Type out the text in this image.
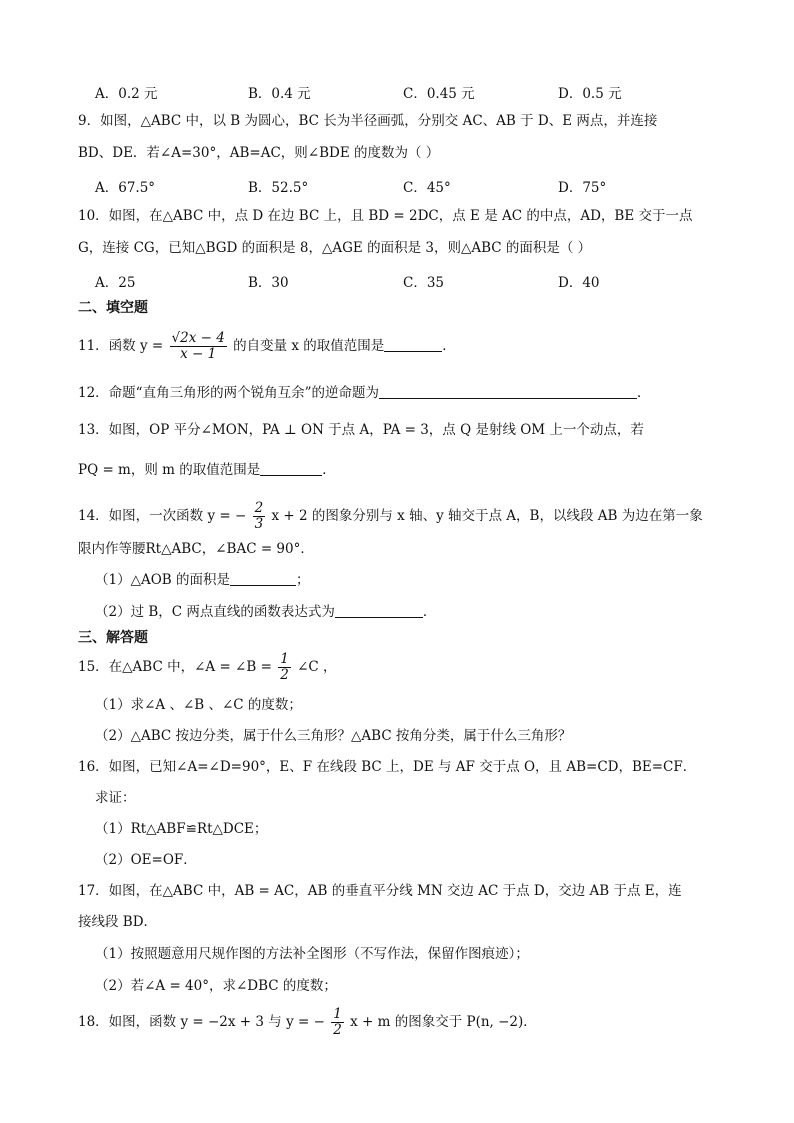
A．0.2 元	B．0.4 元	C．0.45 元	D．0.5 元
9．如图，△ABC 中，以 B 为圆心，BC 长为半径画弧，分别交 AC、AB 于 D、E 两点，并连接
BD、DE．若∠A=30°，AB=AC，则∠BDE 的度数为（ ）
A．67.5°	B．52.5°	C．45°	D．75°
10．如图，在△ABC 中，点 D 在边 BC 上，且 BD = 2DC，点 E 是 AC 的中点，AD，BE 交于一点
G，连接 CG，已知△BGD 的面积是 8，△AGE 的面积是 3，则△ABC 的面积是（ ）
A．25	B．30	C．35	D．40
二、填空题
11．函数 $y = \frac{√2x - 4}{x - 1}$ 的自变量 x 的取值范围是	．
12．命题“直角三角形的两个锐角互余”的逆命题为	．
13．如图，OP 平分∠MON，PA ⊥ ON 于点 A，PA = 3，点 Q 是射线 OM 上一个动点，若
PQ = m，则 m 的取值范围是	．
14．如图，一次函数 y = − $\frac{2}{3}$ x + 2 的图象分别与 x 轴、y 轴交于点 A，B，以线段 AB 为边在第一象
限内作等腰Rt△ABC，∠BAC = 90°．
（1）△AOB 的面积是	；
（2）过 B，C 两点直线的函数表达式为	．
三、解答题
15．在△ABC 中，∠A = ∠B = $\frac{1}{2}$ ∠C ，
（1）求∠A 、∠B 、∠C 的度数；
（2）△ABC 按边分类，属于什么三角形？△ABC 按角分类，属于什么三角形？
16．如图，已知∠A=∠D=90°，E、F 在线段 BC 上，DE 与 AF 交于点 O，且 AB=CD，BE=CF．
求证：
（1）Rt△ABF≌Rt△DCE；
（2）OE=OF．
17．如图，在△ABC 中，AB = AC，AB 的垂直平分线 MN 交边 AC 于点 D，交边 AB 于点 E，连
接线段 BD．
（1）按照题意用尺规作图的方法补全图形（不写作法，保留作图痕迹）；
（2）若∠A = 40°，求∠DBC 的度数；
18．如图，函数 y = −2x + 3 与 y = − $\frac{1}{2}$ x + m 的图象交于 P(n, −2)．
